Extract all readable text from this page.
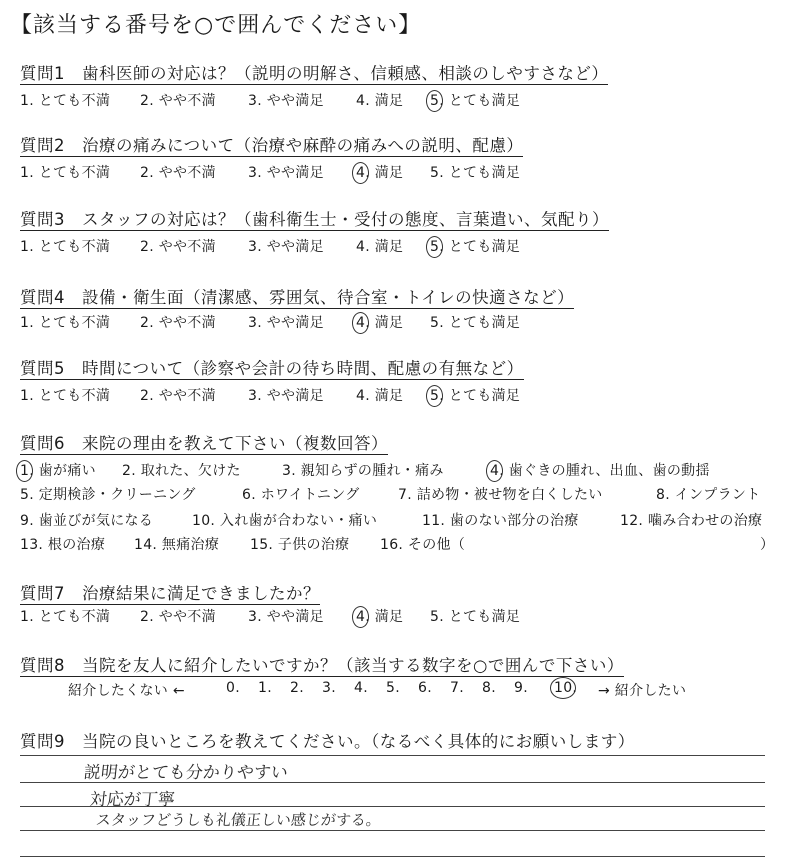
【該当する番号を○で囲んでください】
質問1　歯科医師の対応は？（説明の明解さ、信頼感、相談のしやすさなど）
1. とても不満 2. やや不満 3. やや満足 4. 満足 5. とても満足
質問2　治療の痛みについて（治療や麻酔の痛みへの説明、配慮）
1. とても不満 2. やや不満 3. やや満足 4. 満足 5. とても満足
質問3　スタッフの対応は？（歯科衛生士・受付の態度、言葉遣い、気配り）
1. とても不満 2. やや不満 3. やや満足 4. 満足 5. とても満足
質問4　設備・衛生面（清潔感、雰囲気、待合室・トイレの快適さなど）
1. とても不満 2. やや不満 3. やや満足 4. 満足 5. とても満足
質問5　時間について（診察や会計の待ち時間、配慮の有無など）
1. とても不満 2. やや不満 3. やや満足 4. 満足 5. とても満足
質問6　来院の理由を教えて下さい（複数回答）
1. 歯が痛い 2. 取れた、欠けた	3. 親知らずの腫れ・痛み	4. 歯ぐきの腫れ、出血、歯の動揺
5. 定期検診・クリーニング	6. ホワイトニング	7. 詰め物・被せ物を白くしたい	8. インプラント
9. 歯並びが気になる	10. 入れ歯が合わない・痛い	11. 歯のない部分の治療	12. 噛み合わせの治療
13. 根の治療 14. 無痛治療 15. 子供の治療 16. その他（	）
質問7　治療結果に満足できましたか？
1. とても不満 2. やや不満 3. やや満足 4. 満足 5. とても満足
質問8　当院を友人に紹介したいですか？（該当する数字を○で囲んで下さい）
紹介したくない ←	0. 1. 2. 3. 4. 5. 6. 7. 8. 9. 10. → 紹介したい
質問9　当院の良いところを教えてください。（なるべく具体的にお願いします）
説明がとても分かりやすい
対応が丁寧
スタッフどうしも礼儀正しい感じがする。
